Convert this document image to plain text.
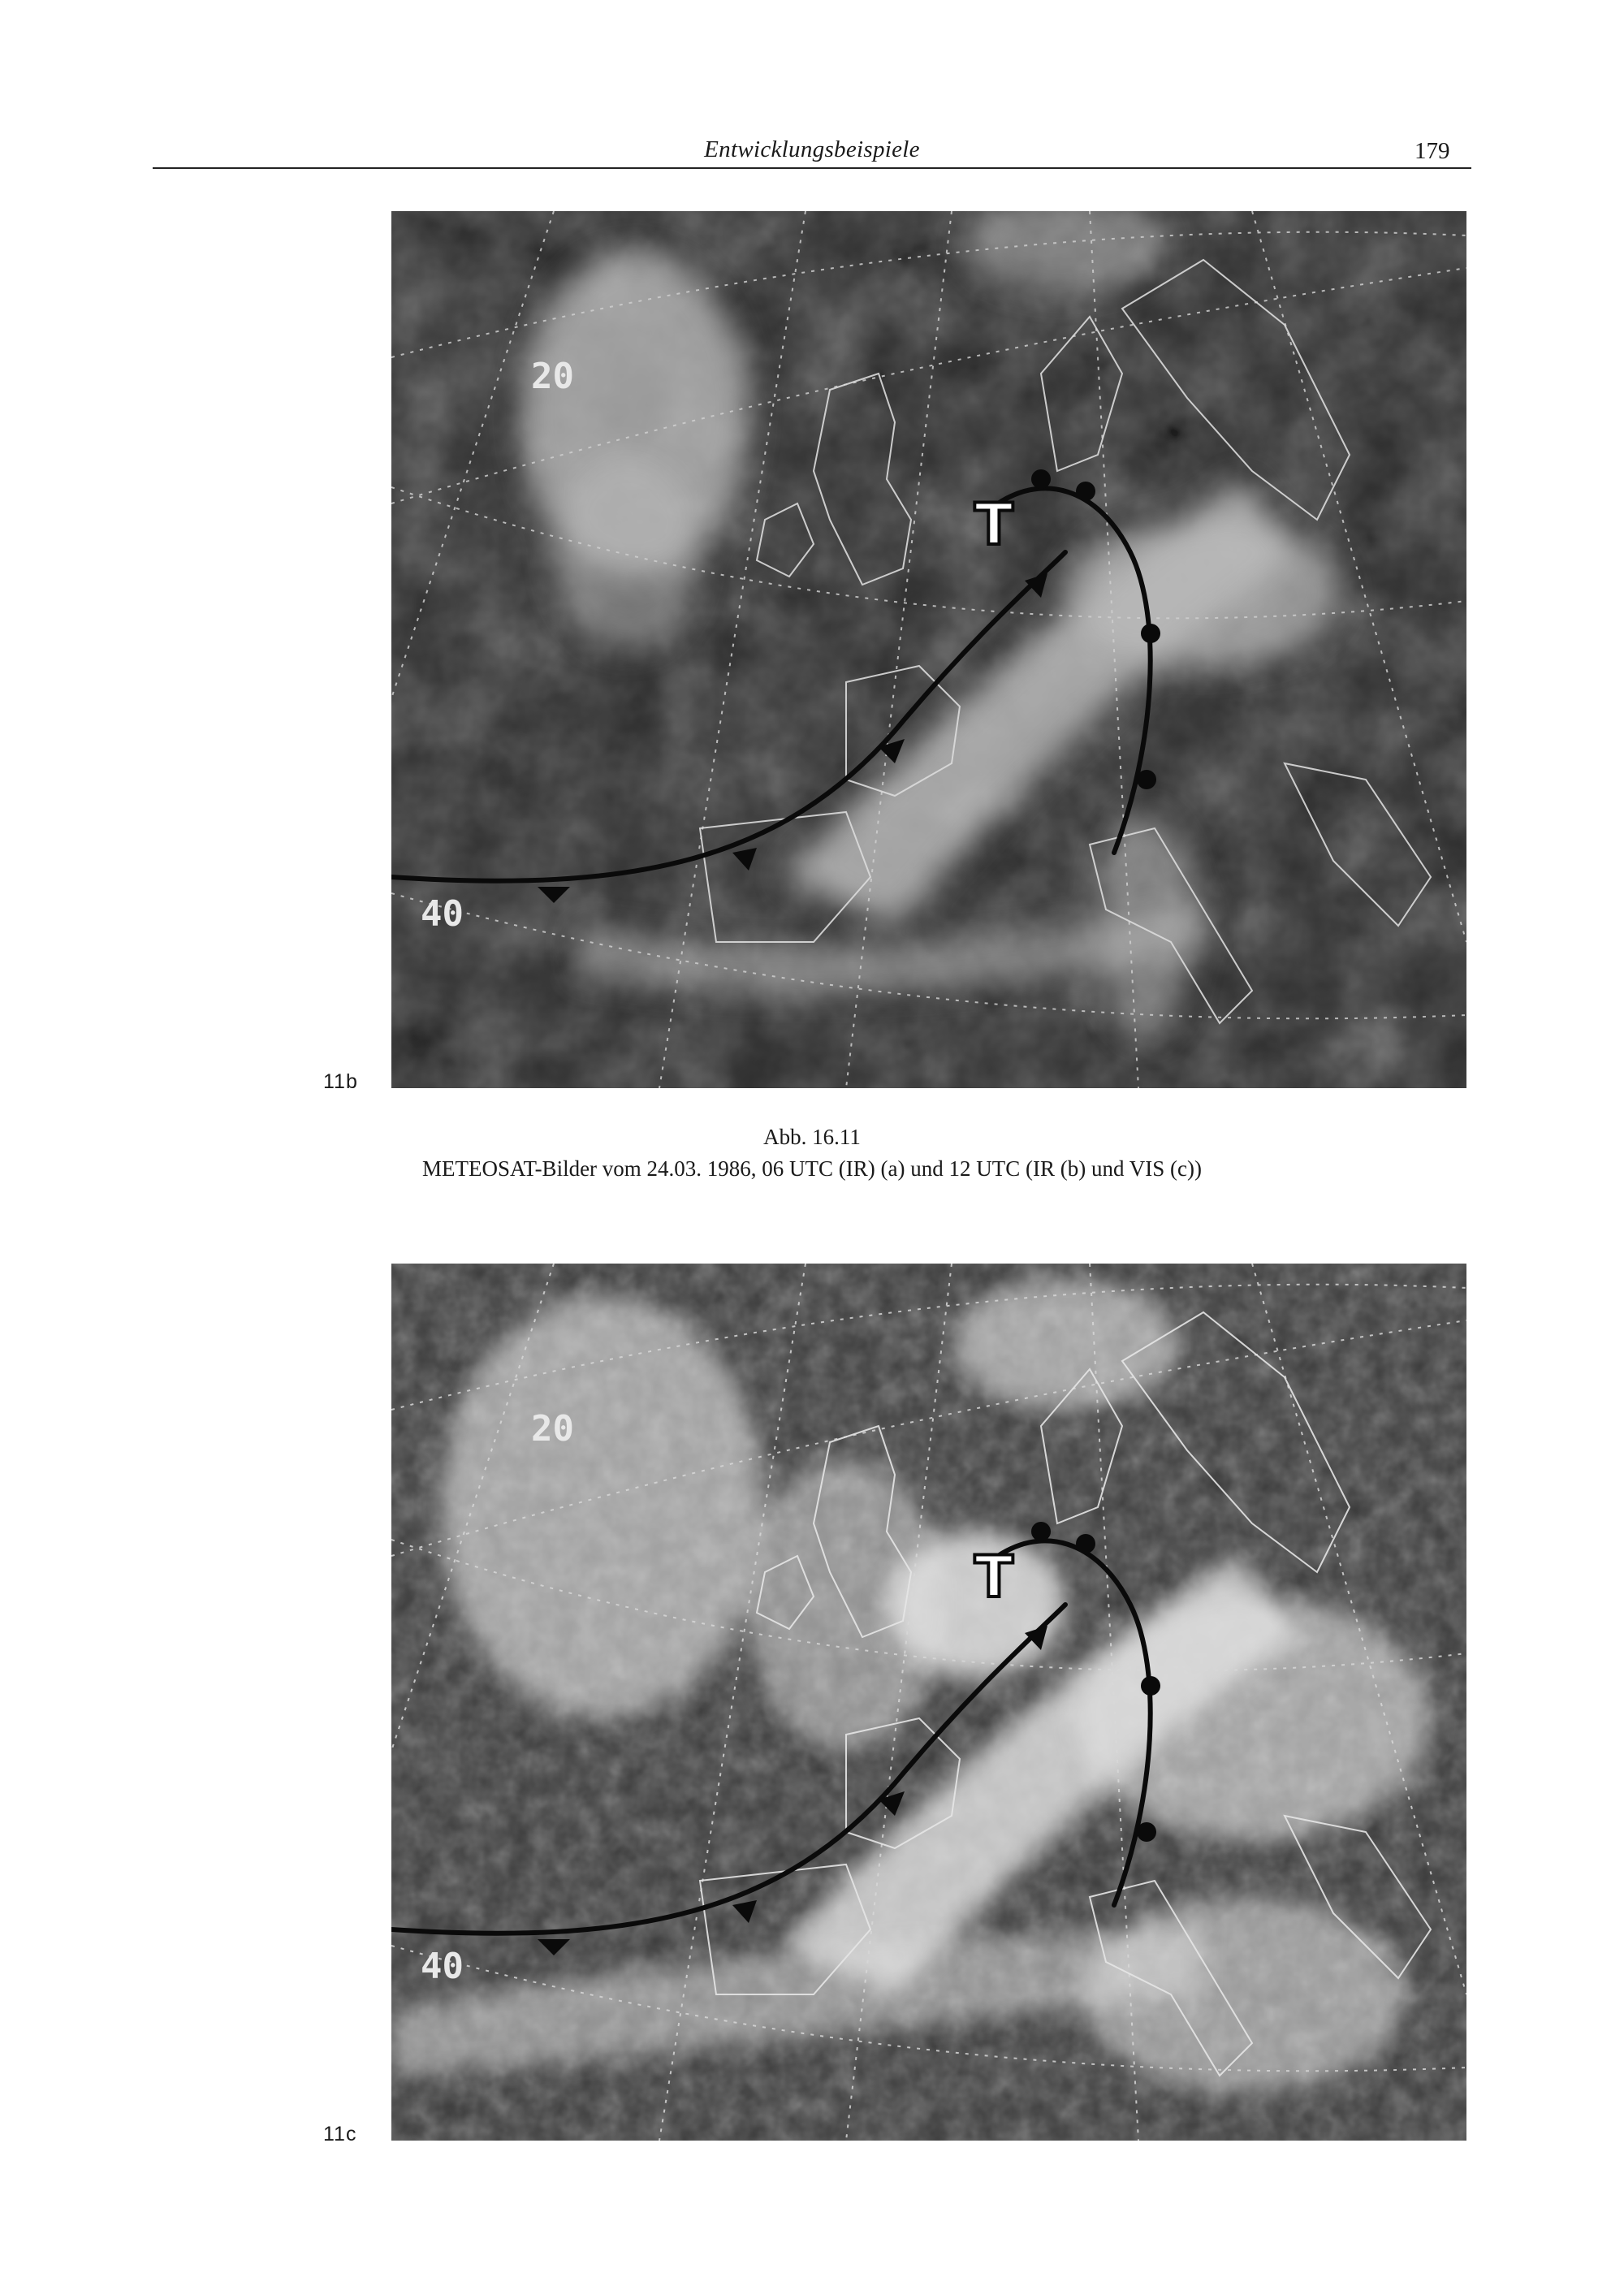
Entwicklungsbeispiele	179
20
40
T
11b
Abb. 16.11
METEOSAT-Bilder vom 24.03. 1986, 06 UTC (IR) (a) und 12 UTC (IR (b) und VIS (c))
20
40
T
11c
